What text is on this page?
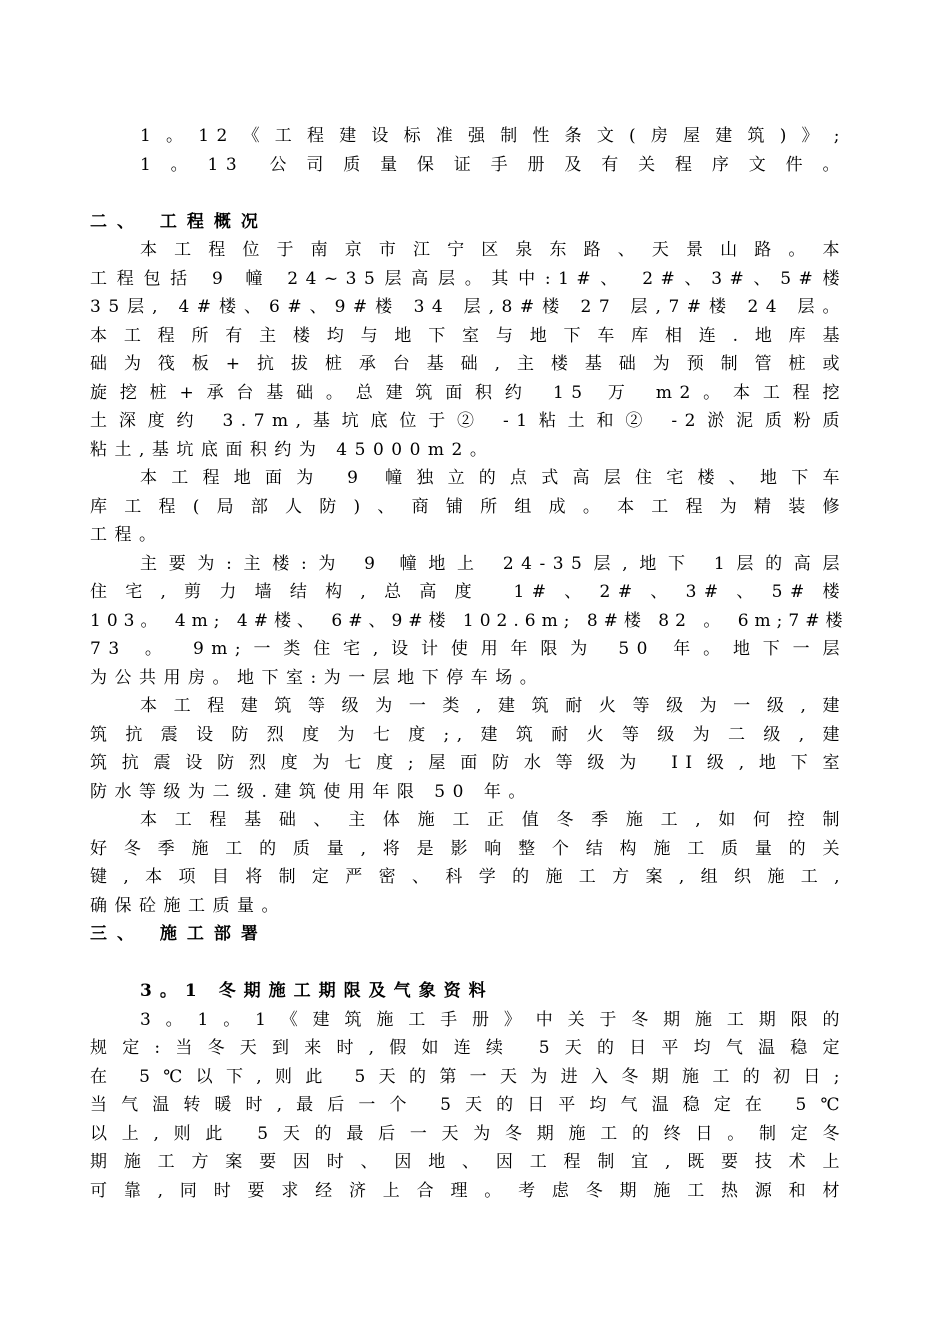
1。12《工程建设标准强制性条文(房屋建筑)》;
1。13 公司质量保证手册及有关程序文件。
二、 工程概况
本工程位于南京市江宁区泉东路、天景山路。本
工程包括 9 幢 24~35层高层。其中:1#、 2#、3#、5#楼
35层, 4#楼、6#、9#楼 34 层,8#楼 27 层,7#楼 24 层。
本工程所有主楼均与地下室与地下车库相连.地库基
础为筏板+抗拔桩承台基础,主楼基础为预制管桩或
旋挖桩+承台基础。总建筑面积约 15 万 m2。本工程挖
土深度约 3.7m,基坑底位于② -1粘土和② -2淤泥质粉质
粘土,基坑底面积约为 45000m2。
本工程地面为 9 幢独立的点式高层住宅楼、地下车
库工程(局部人防)、商铺所组成。本工程为精装修
工程。
主要为:主楼:为 9 幢地上 24-35层,地下 1层的高层
住宅,剪力墙结构,总高度 1#、2#、3#、5#楼
103。 4m; 4#楼、 6#、9#楼 102.6m; 8#楼 82 。 6m;7#楼
73 。 9m;一类住宅,设计使用年限为 50 年。地下一层
为公共用房。地下室:为一层地下停车场。
本工程建筑等级为一类,建筑耐火等级为一级,建
筑抗震设防烈度为七度;,建筑耐火等级为二级,建
筑抗震设防烈度为七度;屋面防水等级为 II级,地下室
防水等级为二级.建筑使用年限 50 年。
本工程基础、主体施工正值冬季施工,如何控制
好冬季施工的质量,将是影响整个结构施工质量的关
键,本项目将制定严密、科学的施工方案,组织施工,
确保砼施工质量。
三、 施工部署
3。1 冬期施工期限及气象资料
3。1。1《建筑施工手册》中关于冬期施工期限的
规定:当冬天到来时,假如连续 5天的日平均气温稳定
在 5℃以下,则此 5天的第一天为进入冬期施工的初日;
当气温转暖时,最后一个 5天的日平均气温稳定在 5℃
以上,则此 5天的最后一天为冬期施工的终日。制定冬
期施工方案要因时、因地、因工程制宜,既要技术上
可靠,同时要求经济上合理。考虑冬期施工热源和材
